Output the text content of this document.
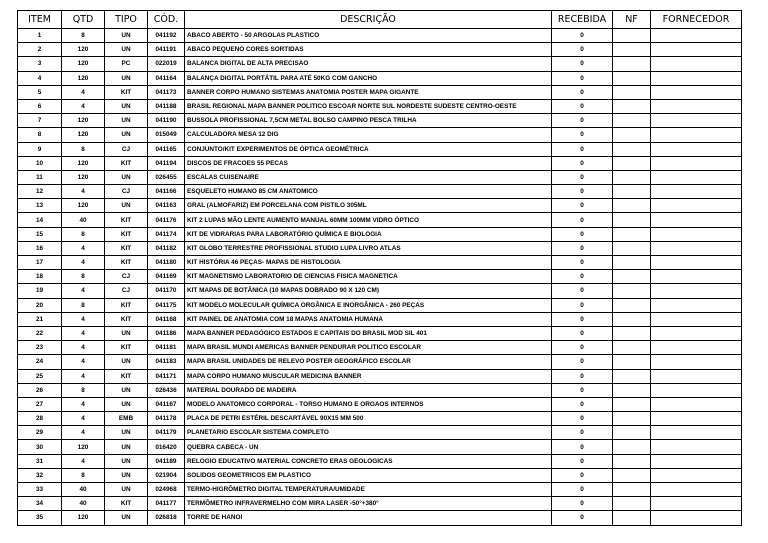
ITEM	QTD	TIPO	CÓD.	DESCRIÇÃO	RECEBIDA	NF	FORNECEDOR
1	8	UN	041192	ABACO ABERTO - 50 ARGOLAS PLASTICO	0		
2	120	UN	041191	ABACO PEQUENO CORES SORTIDAS	0		
3	120	PC	022019	BALANCA DIGITAL DE ALTA PRECISAO	0		
4	120	UN	041164	BALANÇA DIGITAL PORTÁTIL PARA ATÉ 50KG COM GANCHO	0		
5	4	KIT	041173	BANNER CORPO HUMANO SISTEMAS ANATOMIA POSTER MAPA GIGANTE	0		
6	4	UN	041188	BRASIL REGIONAL MAPA BANNER POLITICO ESCOAR NORTE SUL NORDESTE SUDESTE CENTRO-OESTE	0		
7	120	UN	041190	BUSSOLA PROFISSIONAL 7,5CM METAL BOLSO CAMPINO PESCA TRILHA	0		
8	120	UN	015049	CALCULADORA MESA 12 DIG	0		
9	8	CJ	041165	CONJUNTO/KIT EXPERIMENTOS DE ÓPTICA GEOMÉTRICA	0		
10	120	KIT	041194	DISCOS DE FRACOES 55 PECAS	0		
11	120	UN	026455	ESCALAS CUISENAIRE	0		
12	4	CJ	041166	ESQUELETO HUMANO 85 CM ANATOMICO	0		
13	120	UN	041163	GRAL (ALMOFARIZ) EM PORCELANA COM PISTILO 305ML	0		
14	40	KIT	041176	KIT 2 LUPAS MÃO LENTE AUMENTO MANUAL 60MM 100MM VIDRO ÓPTICO	0		
15	8	KIT	041174	KIT DE VIDRARIAS PARA LABORATÓRIO QUÍMICA E BIOLOGIA	0		
16	4	KIT	041182	KIT GLOBO TERRESTRE PROFISSIONAL STUDIO LUPA LIVRO ATLAS	0		
17	4	KIT	041180	KIT HISTÓRIA 46 PEÇAS- MAPAS DE HISTOLOGIA	0		
18	8	CJ	041169	KIT MAGNETISMO LABORATORIO DE CIENCIAS FISICA MAGNETICA	0		
19	4	CJ	041170	KIT MAPAS DE BOTÂNICA (10 MAPAS DOBRADO 90 X 120 CM)	0		
20	8	KIT	041175	KIT MODELO MOLECULAR QUÍMICA ORGÂNICA E INORGÂNICA - 260 PEÇAS	0		
21	4	KIT	041168	KIT PAINEL DE ANATOMIA COM 18 MAPAS ANATOMIA HUMANA	0		
22	4	UN	041186	MAPA BANNER PEDAGÓGICO ESTADOS E CAPITAIS DO BRASIL MOD SIL 401	0		
23	4	KIT	041181	MAPA BRASIL MUNDI AMERICAS BANNER PENDURAR POLITICO ESCOLAR	0		
24	4	UN	041183	MAPA BRASIL UNIDADES DE RELEVO POSTER GEOGRÁFICO ESCOLAR	0		
25	4	KIT	041171	MAPA CORPO HUMANO MUSCULAR MEDICINA BANNER	0		
26	8	UN	026436	MATERIAL DOURADO DE MADEIRA	0		
27	4	UN	041167	MODELO ANATOMICO CORPORAL - TORSO HUMANO E ORGAOS INTERNOS	0		
28	4	EMB	041178	PLACA DE PETRI ESTÉRIL DESCARTÁVEL 90X15 MM 500	0		
29	4	UN	041179	PLANETARIO ESCOLAR SISTEMA COMPLETO	0		
30	120	UN	016420	QUEBRA CABECA - UN	0		
31	4	UN	041189	RELOGIO EDUCATIVO MATERIAL CONCRETO ERAS GEOLOGICAS	0		
32	8	UN	021904	SOLIDOS GEOMETRICOS EM PLASTICO	0		
33	40	UN	024968	TERMO-HIGRÔMETRO DIGITAL TEMPERATURA/UMIDADE	0		
34	40	KIT	041177	TERMÔMETRO INFRAVERMELHO COM MIRA LASER -50°+380°	0		
35	120	UN	026818	TORRE DE HANOI	0		
